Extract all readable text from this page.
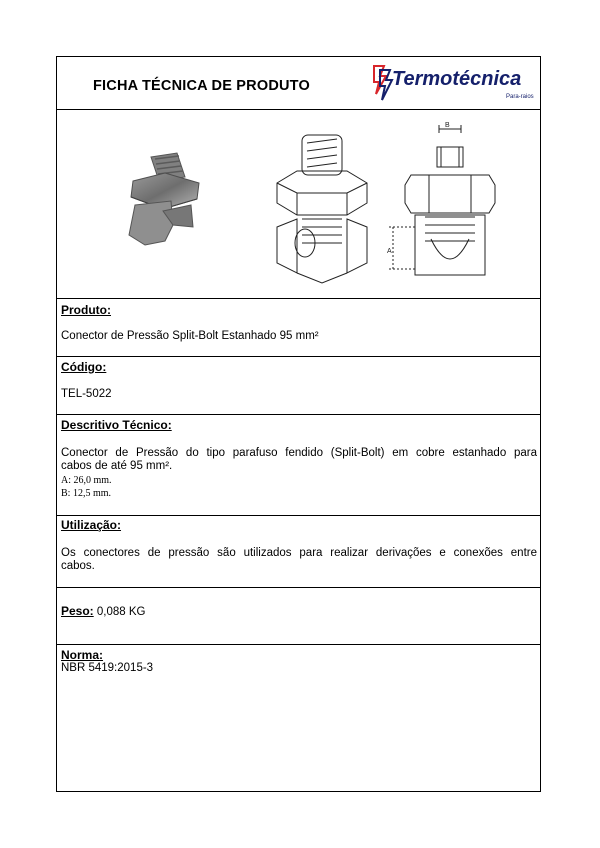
FICHA TÉCNICA DE PRODUTO	Termotécnica
Para-raios
B
A
Produto:
Conector de Pressão Split-Bolt Estanhado 95 mm²
Código:
TEL-5022
Descritivo Técnico:
Conector de Pressão do tipo parafuso fendido (Split-Bolt) em cobre estanhado para
cabos de até 95 mm².
A: 26,0 mm.
B: 12,5 mm.
Utilização:
Os conectores de pressão são utilizados para realizar derivações e conexões entre
cabos.
Peso: 0,088 KG
Norma:
NBR 5419:2015-3
